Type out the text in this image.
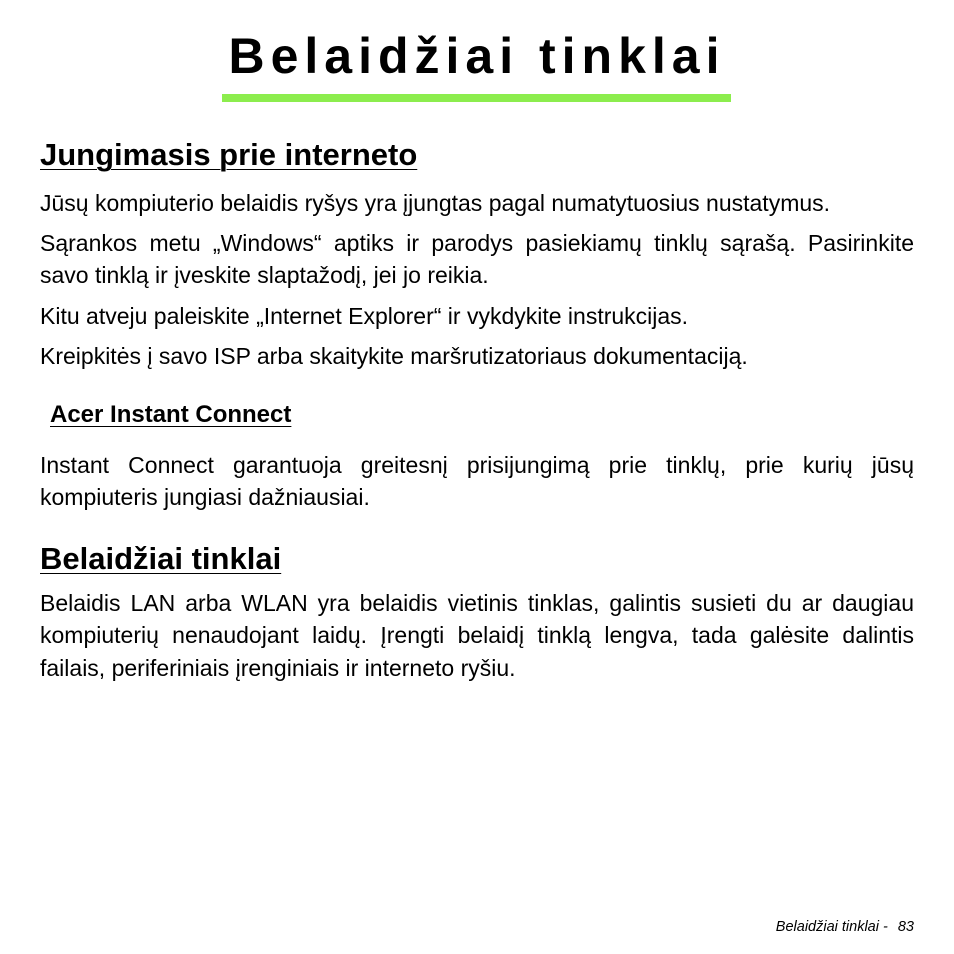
Belaidžiai tinklai
Jungimasis prie interneto

Jūsų kompiuterio belaidis ryšys yra įjungtas pagal numatytuosius nustatymus.

Sąrankos metu „Windows“ aptiks ir parodys pasiekiamų tinklų sąrašą. Pasirinkite savo tinklą ir įveskite slaptažodį, jei jo reikia.

Kitu atveju paleiskite „Internet Explorer“ ir vykdykite instrukcijas.

Kreipkitės į savo ISP arba skaitykite maršrutizatoriaus dokumentaciją.

Acer Instant Connect

Instant Connect garantuoja greitesnį prisijungimą prie tinklų, prie kurių jūsų kompiuteris jungiasi dažniausiai.

Belaidžiai tinklai

Belaidis LAN arba WLAN yra belaidis vietinis tinklas, galintis susieti du ar daugiau kompiuterių nenaudojant laidų. Įrengti belaidį tinklą lengva, tada galėsite dalintis failais, periferiniais įrenginiais ir interneto ryšiu.

Belaidžiai tinklai - 83
